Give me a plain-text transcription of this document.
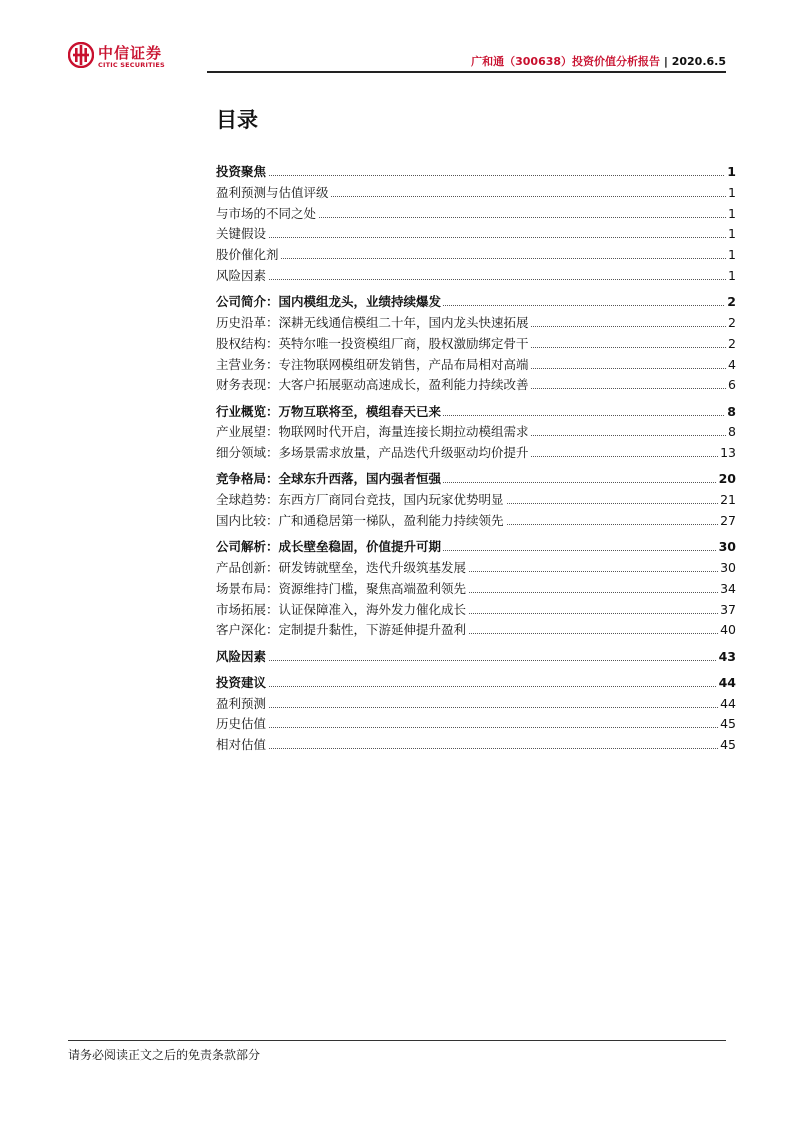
中信证券
CITIC SECURITIES	广和通（300638）投资价值分析报告 | 2020.6.5
目录
投资聚焦	1
盈利预测与估值评级	1
与市场的不同之处	1
关键假设	1
股价催化剂	1
风险因素	1
公司简介：国内模组龙头，业绩持续爆发	2
历史沿革：深耕无线通信模组二十年，国内龙头快速拓展	2
股权结构：英特尔唯一投资模组厂商，股权激励绑定骨干	2
主营业务：专注物联网模组研发销售，产品布局相对高端	4
财务表现：大客户拓展驱动高速成长，盈利能力持续改善	6
行业概览：万物互联将至，模组春天已来	8
产业展望：物联网时代开启，海量连接长期拉动模组需求	8
细分领域：多场景需求放量，产品迭代升级驱动均价提升	13
竞争格局：全球东升西落，国内强者恒强	20
全球趋势：东西方厂商同台竞技，国内玩家优势明显	21
国内比较：广和通稳居第一梯队，盈利能力持续领先	27
公司解析：成长壁垒稳固，价值提升可期	30
产品创新：研发铸就壁垒，迭代升级筑基发展	30
场景布局：资源维持门槛，聚焦高端盈利领先	34
市场拓展：认证保障准入，海外发力催化成长	37
客户深化：定制提升黏性，下游延伸提升盈利	40
风险因素	43
投资建议	44
盈利预测	44
历史估值	45
相对估值	45
请务必阅读正文之后的免责条款部分
